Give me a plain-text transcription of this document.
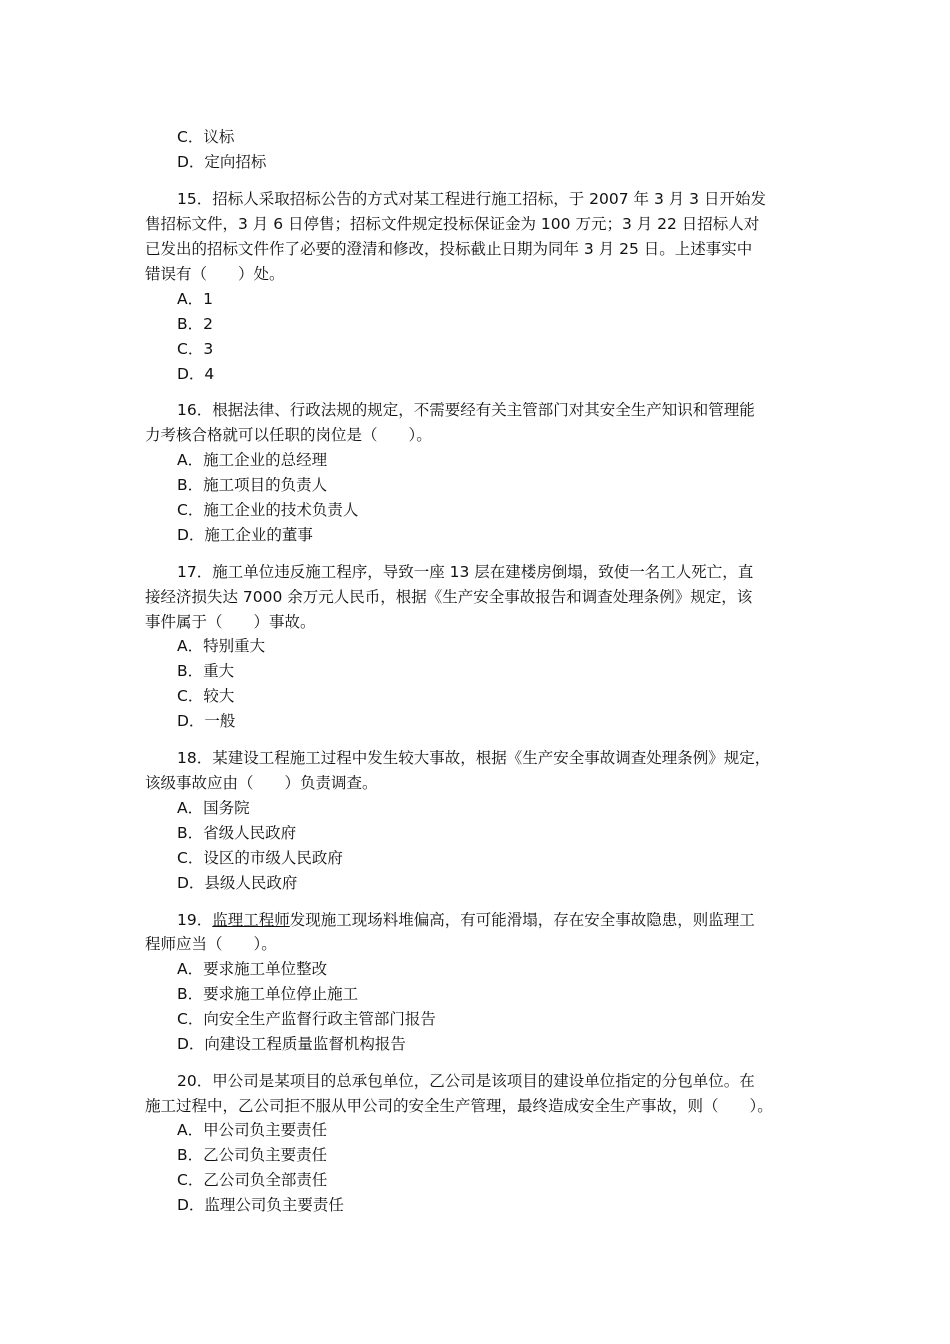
C．议标
D．定向招标
15．招标人采取招标公告的方式对某工程进行施工招标，于 2007 年 3 月 3 日开始发
售招标文件，3 月 6 日停售；招标文件规定投标保证金为 100 万元；3 月 22 日招标人对
已发出的招标文件作了必要的澄清和修改，投标截止日期为同年 3 月 25 日。上述事实中
错误有（　　）处。
A．1
B．2
C．3
D．4
16．根据法律、行政法规的规定，不需要经有关主管部门对其安全生产知识和管理能
力考核合格就可以任职的岗位是（　　）。
A．施工企业的总经理
B．施工项目的负责人
C．施工企业的技术负责人
D．施工企业的董事
17．施工单位违反施工程序，导致一座 13 层在建楼房倒塌，致使一名工人死亡，直
接经济损失达 7000 余万元人民币，根据《生产安全事故报告和调查处理条例》规定，该
事件属于（　　）事故。
A．特别重大
B．重大
C．较大
D．一般
18．某建设工程施工过程中发生较大事故，根据《生产安全事故调查处理条例》规定，
该级事故应由（　　）负责调查。
A．国务院
B．省级人民政府
C．设区的市级人民政府
D．县级人民政府
19．监理工程师发现施工现场料堆偏高，有可能滑塌，存在安全事故隐患，则监理工
程师应当（　　）。
A．要求施工单位整改
B．要求施工单位停止施工
C．向安全生产监督行政主管部门报告
D．向建设工程质量监督机构报告
20．甲公司是某项目的总承包单位，乙公司是该项目的建设单位指定的分包单位。在
施工过程中，乙公司拒不服从甲公司的安全生产管理，最终造成安全生产事故，则（　　）。
A．甲公司负主要责任
B．乙公司负主要责任
C．乙公司负全部责任
D．监理公司负主要责任
